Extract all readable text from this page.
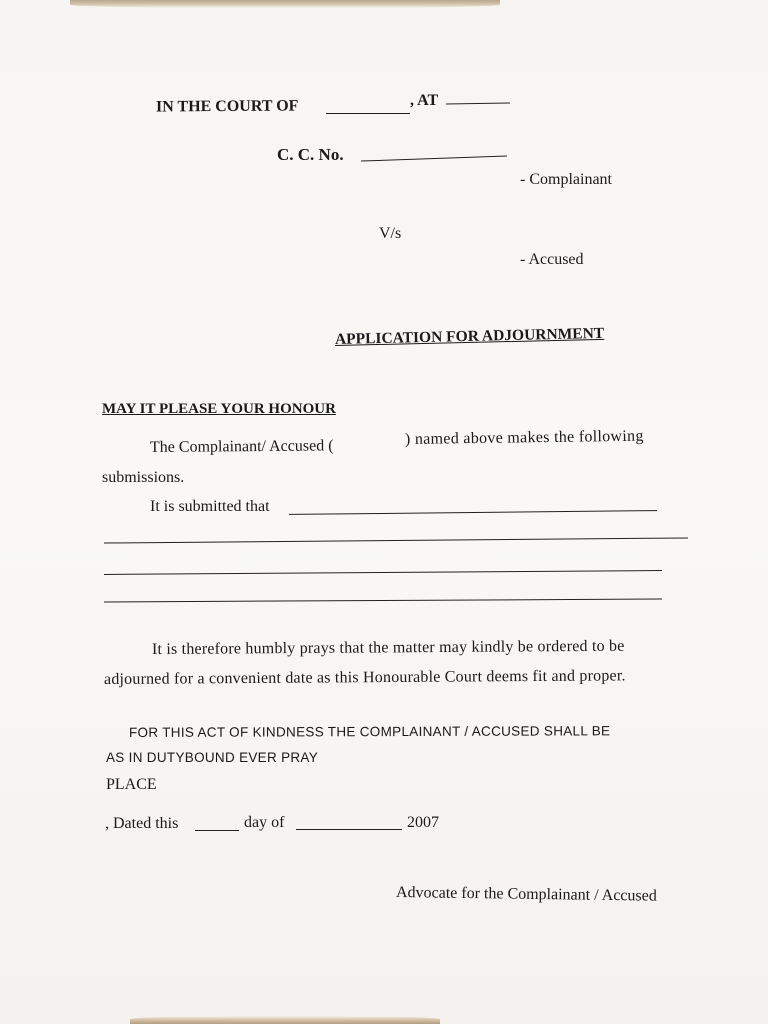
IN THE COURT OF	, AT
C. C. No.
- Complainant
V/s
- Accused
APPLICATION FOR ADJOURNMENT
MAY IT PLEASE YOUR HONOUR
The Complainant/ Accused (	) named above makes the following
submissions.
It is submitted that
It is therefore humbly prays that the matter may kindly be ordered to be
adjourned for a convenient date as this Honourable Court deems fit and proper.
FOR THIS ACT OF KINDNESS THE COMPLAINANT / ACCUSED SHALL BE
AS IN DUTYBOUND EVER PRAY
PLACE
, Dated this	day of	2007
Advocate for the Complainant / Accused
